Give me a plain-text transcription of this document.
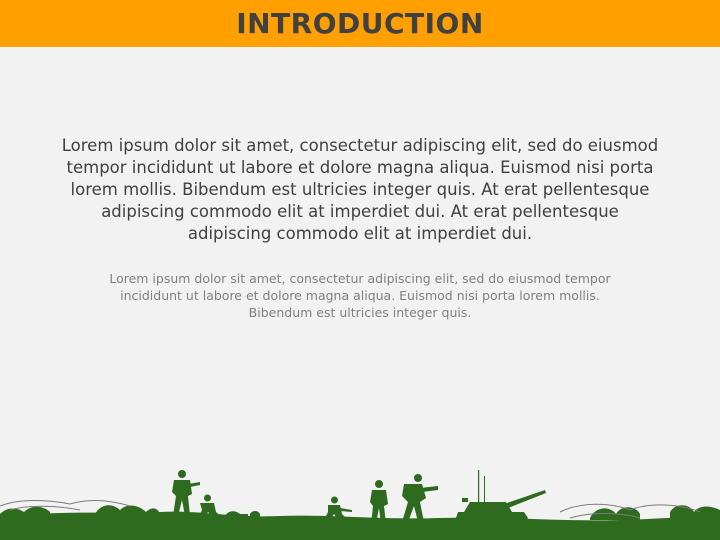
INTRODUCTION
Lorem ipsum dolor sit amet, consectetur adipiscing elit, sed do eiusmod tempor incididunt ut labore et dolore magna aliqua. Euismod nisi porta lorem mollis. Bibendum est ultricies integer quis. At erat pellentesque adipiscing commodo elit at imperdiet dui. At erat pellentesque adipiscing commodo elit at imperdiet dui.
Lorem ipsum dolor sit amet, consectetur adipiscing elit, sed do eiusmod tempor incididunt ut labore et dolore magna aliqua. Euismod nisi porta lorem mollis. Bibendum est ultricies integer quis.
